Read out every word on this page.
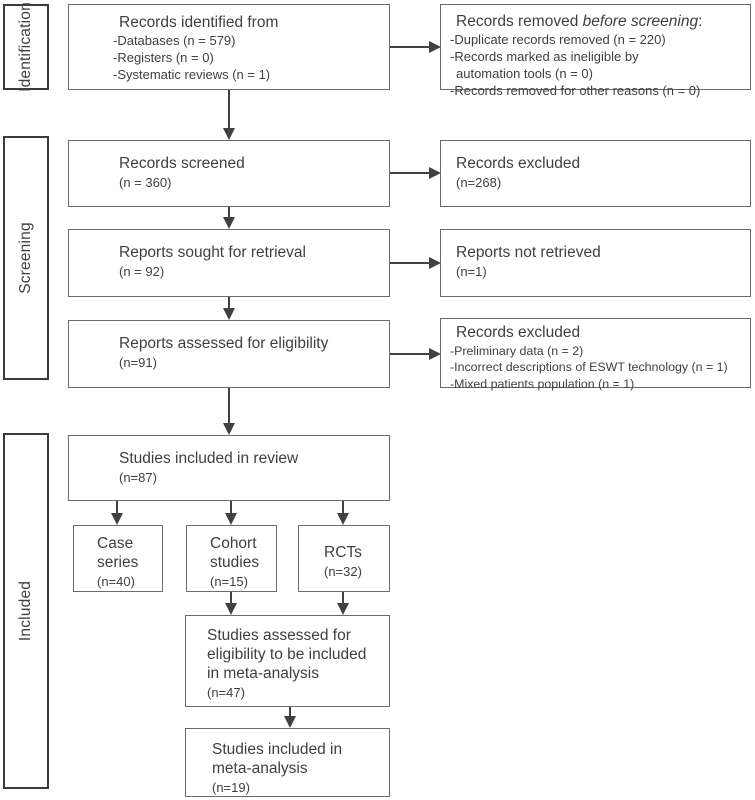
Identification
Screening
Included
Records identified from
-Databases (n = 579)
-Registers (n = 0)
-Systematic reviews (n = 1)
Records screened
(n = 360)
Reports sought for retrieval
(n = 92)
Reports assessed for eligibility
(n=91)
Studies included in review
(n=87)
Case
series
(n=40)
Cohort
studies
(n=15)
RCTs
(n=32)
Studies assessed for
eligibility to be included
in meta-analysis
(n=47)
Studies included in
meta-analysis
(n=19)
Records removed before screening:
-Duplicate records removed (n = 220)
-Records marked as ineligible by
automation tools (n = 0)
-Records removed for other reasons (n = 0)
Records excluded
(n=268)
Reports not retrieved
(n=1)
Records excluded
-Preliminary data (n = 2)
-Incorrect descriptions of ESWT technology (n = 1)
-Mixed patients population (n = 1)
